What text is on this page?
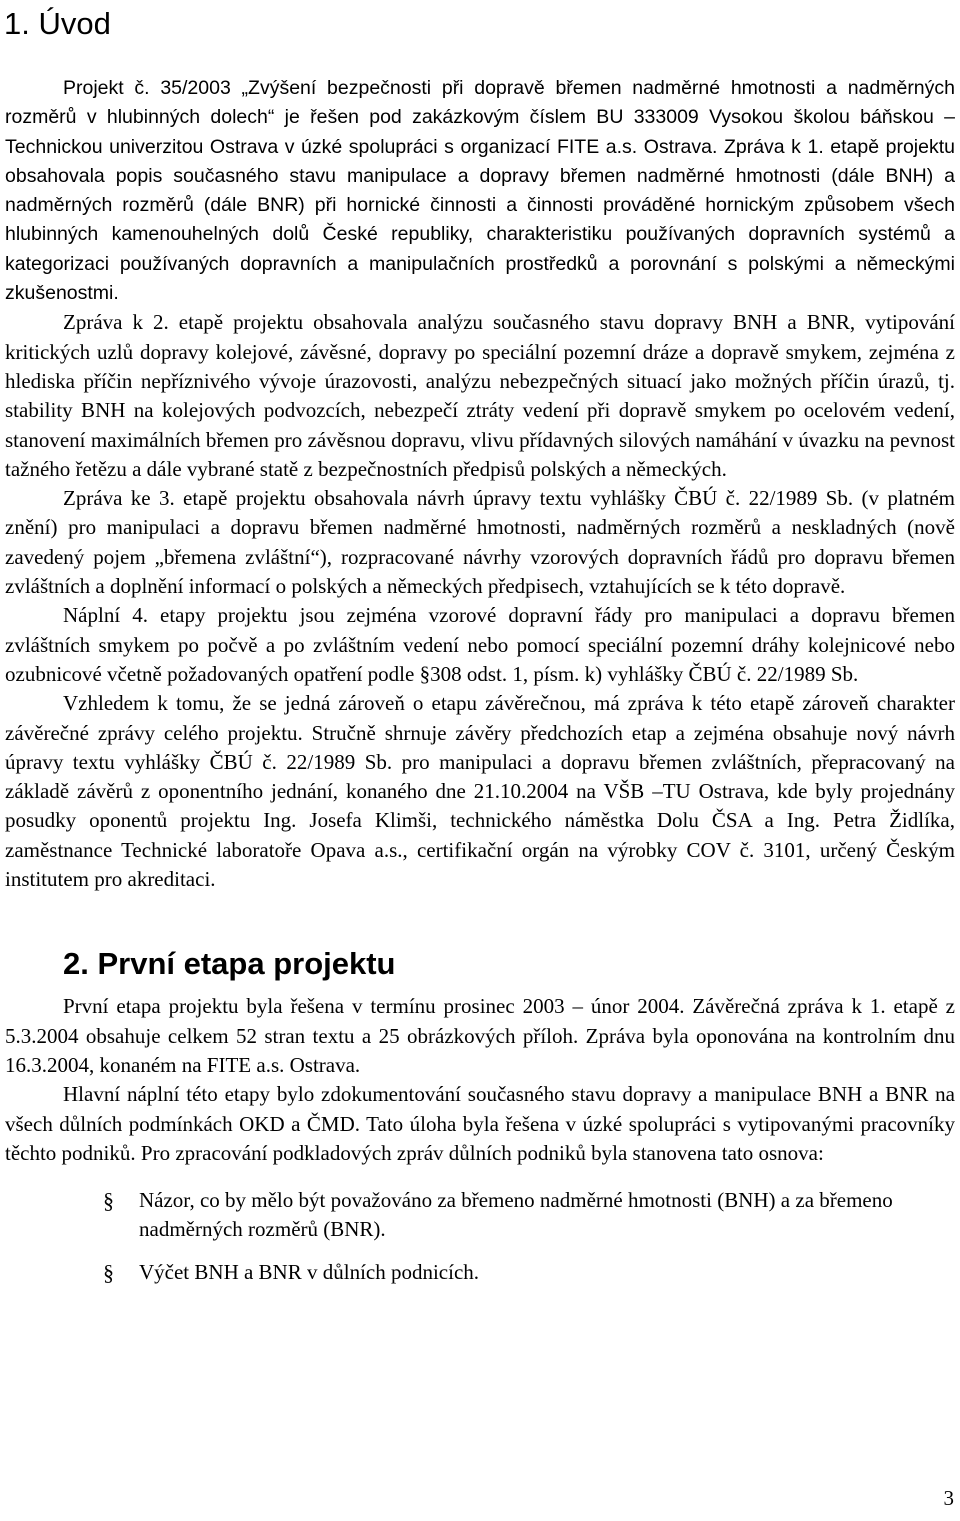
1. Úvod

Projekt č. 35/2003 „Zvýšení bezpečnosti při dopravě břemen nadměrné hmotnosti a nadměrných rozměrů v hlubinných dolech“ je řešen pod zakázkovým číslem BU 333009 Vysokou školou báňskou – Technickou univerzitou Ostrava v úzké spolupráci s organizací FITE a.s. Ostrava. Zpráva k 1. etapě projektu obsahovala popis současného stavu manipulace a dopravy břemen nadměrné hmotnosti (dále BNH) a nadměrných rozměrů (dále BNR) při hornické činnosti a činnosti prováděné hornickým způsobem všech hlubinných kamenouhelných dolů České republiky, charakteristiku používaných dopravních systémů a kategorizaci používaných dopravních a manipulačních prostředků a porovnání s polskými a německými zkušenostmi.

Zpráva k 2. etapě projektu obsahovala analýzu současného stavu dopravy BNH a BNR, vytipování kritických uzlů dopravy kolejové, závěsné, dopravy po speciální pozemní dráze a dopravě smykem, zejména z hlediska příčin nepříznivého vývoje úrazovosti, analýzu nebezpečných situací jako možných příčin úrazů, tj. stability BNH na kolejových podvozcích, nebezpečí ztráty vedení při dopravě smykem po ocelovém vedení, stanovení maximálních břemen pro závěsnou dopravu, vlivu přídavných silových namáhání v úvazku na pevnost tažného řetězu a dále vybrané statě z bezpečnostních předpisů polských a německých.

Zpráva ke 3. etapě projektu obsahovala návrh úpravy textu vyhlášky ČBÚ č. 22/1989 Sb. (v platném znění) pro manipulaci a dopravu břemen nadměrné hmotnosti, nadměrných rozměrů a neskladných (nově zavedený pojem „břemena zvláštní“), rozpracované návrhy vzorových dopravních řádů pro dopravu břemen zvláštních a doplnění informací o polských a německých předpisech, vztahujících se k této dopravě.

Náplní 4. etapy projektu jsou zejména vzorové dopravní řády pro manipulaci a dopravu břemen zvláštních smykem po počvě a po zvláštním vedení nebo pomocí speciální pozemní dráhy kolejnicové nebo ozubnicové včetně požadovaných opatření podle §308 odst. 1, písm. k) vyhlášky ČBÚ č. 22/1989 Sb.

Vzhledem k tomu, že se jedná zároveň o etapu závěrečnou, má zpráva k této etapě zároveň charakter závěrečné zprávy celého projektu. Stručně shrnuje závěry předchozích etap a zejména obsahuje nový návrh úpravy textu vyhlášky ČBÚ č. 22/1989 Sb. pro manipulaci a dopravu břemen zvláštních, přepracovaný na základě závěrů z oponentního jednání, konaného dne 21.10.2004 na VŠB –TU Ostrava, kde byly projednány posudky oponentů projektu Ing. Josefa Klimši, technického náměstka Dolu ČSA a Ing. Petra Židlíka, zaměstnance Technické laboratoře Opava a.s., certifikační orgán na výrobky COV č. 3101, určený Českým institutem pro akreditaci.

2. První etapa projektu

První etapa projektu byla řešena v termínu prosinec 2003 – únor 2004. Závěrečná zpráva k 1. etapě z 5.3.2004 obsahuje celkem 52 stran textu a 25 obrázkových příloh. Zpráva byla oponována na kontrolním dnu 16.3.2004, konaném na FITE a.s. Ostrava.

Hlavní náplní této etapy bylo zdokumentování současného stavu dopravy a manipulace BNH a BNR na všech důlních podmínkách OKD a ČMD. Tato úloha byla řešena v úzké spolupráci s vytipovanými pracovníky těchto podniků. Pro zpracování podkladových zpráv důlních podniků byla stanovena tato osnova:

§ Názor, co by mělo být považováno za břemeno nadměrné hmotnosti (BNH) a za břemeno nadměrných rozměrů (BNR).
§ Výčet BNH a BNR v důlních podnicích.
3
